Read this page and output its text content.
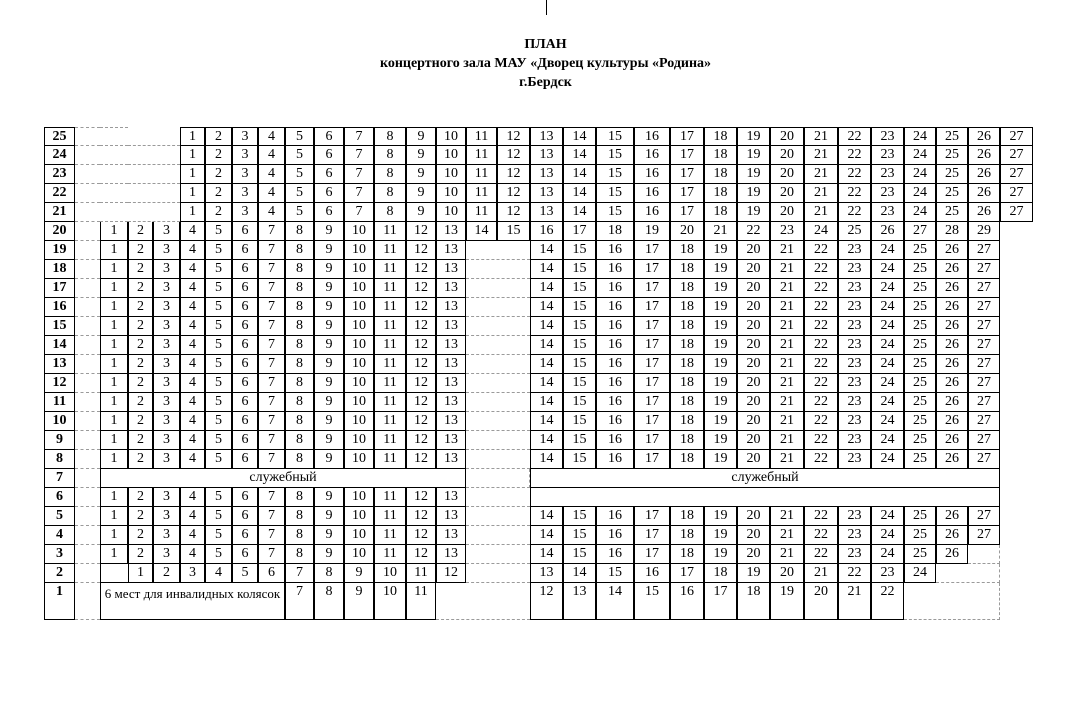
ПЛАН
концертного зала МАУ «Дворец культуры «Родина»
г.Бердск
25	1	2	3	4	5	6	7	8	9	10	11	12	13	14	15	16	17	18	19	20	21	22	23	24	25	26	27
24	1	2	3	4	5	6	7	8	9	10	11	12	13	14	15	16	17	18	19	20	21	22	23	24	25	26	27
23	1	2	3	4	5	6	7	8	9	10	11	12	13	14	15	16	17	18	19	20	21	22	23	24	25	26	27
22	1	2	3	4	5	6	7	8	9	10	11	12	13	14	15	16	17	18	19	20	21	22	23	24	25	26	27
21	1	2	3	4	5	6	7	8	9	10	11	12	13	14	15	16	17	18	19	20	21	22	23	24	25	26	27
20	1	2	3	4	5	6	7	8	9	10	11	12	13	14	15	16	17	18	19	20	21	22	23	24	25	26	27	28	29
19	1	2	3	4	5	6	7	8	9	10	11	12	13	14	15	16	17	18	19	20	21	22	23	24	25	26	27
18	1	2	3	4	5	6	7	8	9	10	11	12	13	14	15	16	17	18	19	20	21	22	23	24	25	26	27
17	1	2	3	4	5	6	7	8	9	10	11	12	13	14	15	16	17	18	19	20	21	22	23	24	25	26	27
16	1	2	3	4	5	6	7	8	9	10	11	12	13	14	15	16	17	18	19	20	21	22	23	24	25	26	27
15	1	2	3	4	5	6	7	8	9	10	11	12	13	14	15	16	17	18	19	20	21	22	23	24	25	26	27
14	1	2	3	4	5	6	7	8	9	10	11	12	13	14	15	16	17	18	19	20	21	22	23	24	25	26	27
13	1	2	3	4	5	6	7	8	9	10	11	12	13	14	15	16	17	18	19	20	21	22	23	24	25	26	27
12	1	2	3	4	5	6	7	8	9	10	11	12	13	14	15	16	17	18	19	20	21	22	23	24	25	26	27
11	1	2	3	4	5	6	7	8	9	10	11	12	13	14	15	16	17	18	19	20	21	22	23	24	25	26	27
10	1	2	3	4	5	6	7	8	9	10	11	12	13	14	15	16	17	18	19	20	21	22	23	24	25	26	27
9	1	2	3	4	5	6	7	8	9	10	11	12	13	14	15	16	17	18	19	20	21	22	23	24	25	26	27
8	1	2	3	4	5	6	7	8	9	10	11	12	13	14	15	16	17	18	19	20	21	22	23	24	25	26	27
7	служебный	служебный
6	1	2	3	4	5	6	7	8	9	10	11	12	13
5	1	2	3	4	5	6	7	8	9	10	11	12	13	14	15	16	17	18	19	20	21	22	23	24	25	26	27
4	1	2	3	4	5	6	7	8	9	10	11	12	13	14	15	16	17	18	19	20	21	22	23	24	25	26	27
3	1	2	3	4	5	6	7	8	9	10	11	12	13	14	15	16	17	18	19	20	21	22	23	24	25	26
2	1	2	3	4	5	6	7	8	9	10	11	12	13	14	15	16	17	18	19	20	21	22	23	24
1	6 мест для инвалидных колясок	7	8	9	10	11	12	13	14	15	16	17	18	19	20	21	22
